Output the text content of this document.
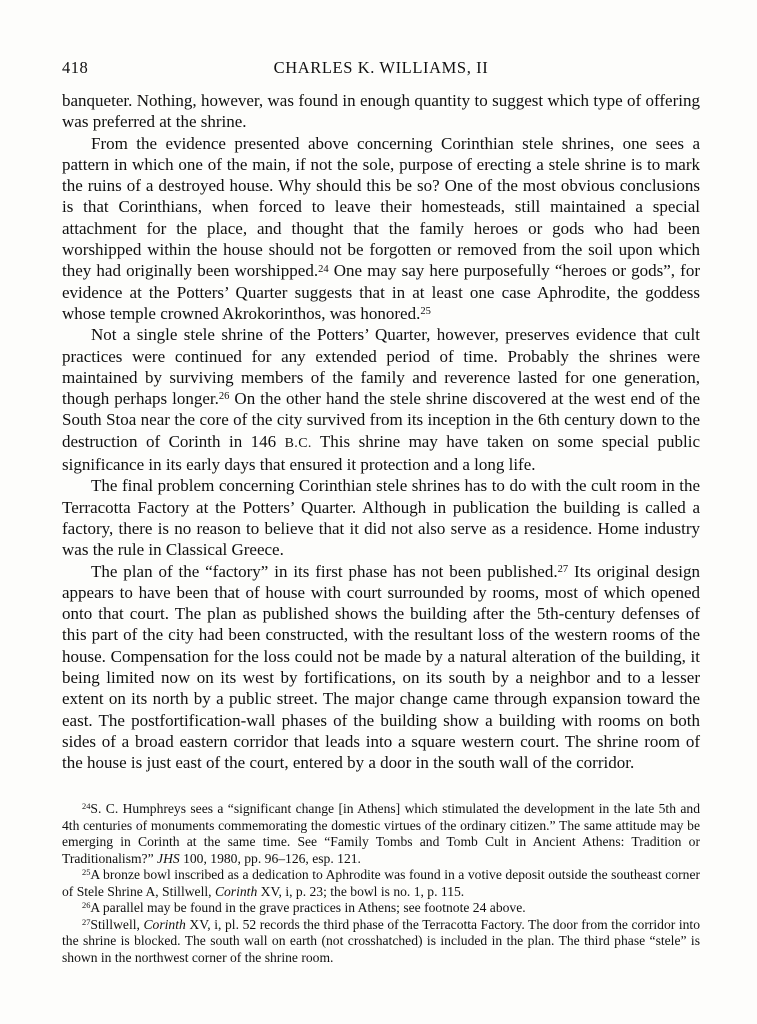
418	CHARLES K. WILLIAMS, II

banqueter. Nothing, however, was found in enough quantity to suggest which type of offering was preferred at the shrine.

From the evidence presented above concerning Corinthian stele shrines, one sees a pattern in which one of the main, if not the sole, purpose of erecting a stele shrine is to mark the ruins of a destroyed house. Why should this be so? One of the most obvious conclusions is that Corinthians, when forced to leave their homesteads, still maintained a special attachment for the place, and thought that the family heroes or gods who had been worshipped within the house should not be forgotten or removed from the soil upon which they had originally been worshipped.$^{24}$ One may say here purposefully “heroes or gods”, for evidence at the Potters’ Quarter suggests that in at least one case Aphrodite, the goddess whose temple crowned Akrokorinthos, was honored.$^{25}$

Not a single stele shrine of the Potters’ Quarter, however, preserves evidence that cult practices were continued for any extended period of time. Probably the shrines were maintained by surviving members of the family and reverence lasted for one generation, though perhaps longer.$^{26}$ On the other hand the stele shrine discovered at the west end of the South Stoa near the core of the city survived from its inception in the 6th century down to the destruction of Corinth in 146 B.C. This shrine may have taken on some special public significance in its early days that ensured it protection and a long life.

The final problem concerning Corinthian stele shrines has to do with the cult room in the Terracotta Factory at the Potters’ Quarter. Although in publication the building is called a factory, there is no reason to believe that it did not also serve as a residence. Home industry was the rule in Classical Greece.

The plan of the “factory” in its first phase has not been published.$^{27}$ Its original design appears to have been that of house with court surrounded by rooms, most of which opened onto that court. The plan as published shows the building after the 5th-century defenses of this part of the city had been constructed, with the resultant loss of the western rooms of the house. Compensation for the loss could not be made by a natural alteration of the building, it being limited now on its west by fortifications, on its south by a neighbor and to a lesser extent on its north by a public street. The major change came through expansion toward the east. The postfortification-wall phases of the building show a building with rooms on both sides of a broad eastern corridor that leads into a square western court. The shrine room of the house is just east of the court, entered by a door in the south wall of the corridor.

$^{24}$S. C. Humphreys sees a “significant change [in Athens] which stimulated the development in the late 5th and 4th centuries of monuments commemorating the domestic virtues of the ordinary citizen.” The same attitude may be emerging in Corinth at the same time. See “Family Tombs and Tomb Cult in Ancient Athens: Tradition or Traditionalism?” JHS 100, 1980, pp. 96–126, esp. 121.

$^{25}$A bronze bowl inscribed as a dedication to Aphrodite was found in a votive deposit outside the southeast corner of Stele Shrine A, Stillwell, Corinth XV, i, p. 23; the bowl is no. 1, p. 115.

$^{26}$A parallel may be found in the grave practices in Athens; see footnote 24 above.

$^{27}$Stillwell, Corinth XV, i, pl. 52 records the third phase of the Terracotta Factory. The door from the corridor into the shrine is blocked. The south wall on earth (not crosshatched) is included in the plan. The third phase “stele” is shown in the northwest corner of the shrine room.
